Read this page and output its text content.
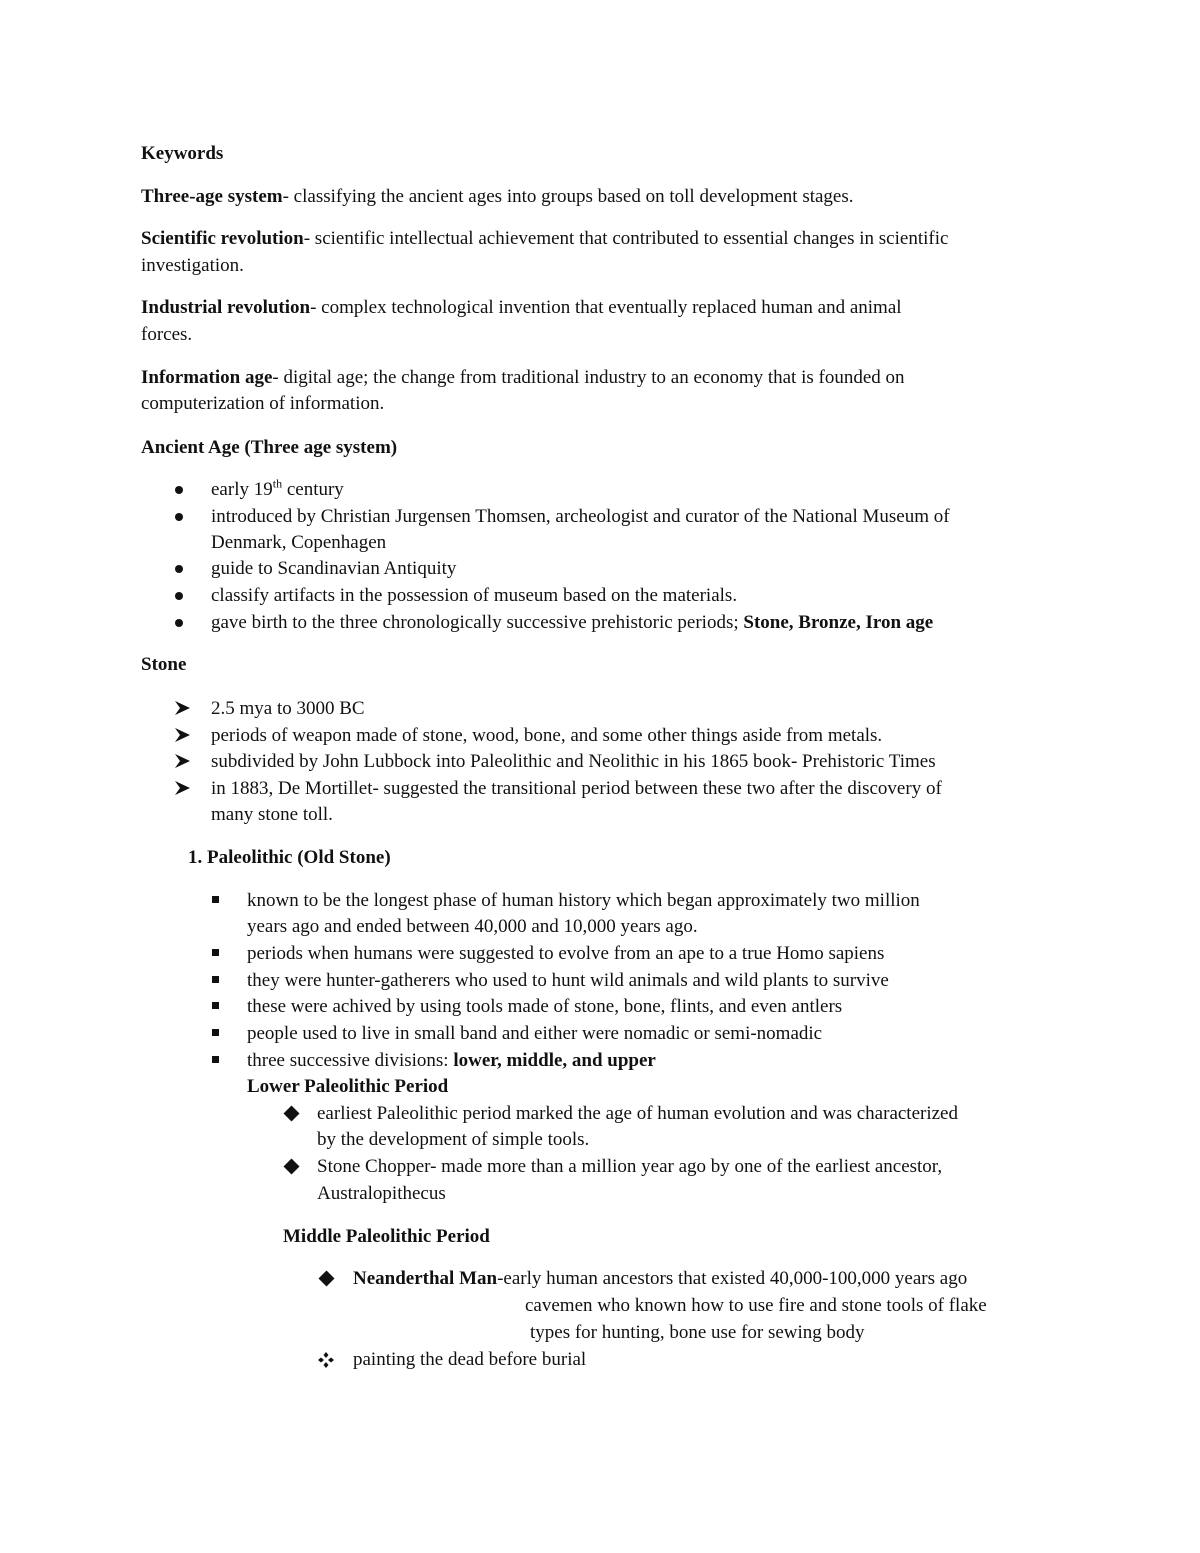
Keywords
Three-age system- classifying the ancient ages into groups based on toll development stages.
Scientific revolution- scientific intellectual achievement that contributed to essential changes in scientific
investigation.
Industrial revolution- complex technological invention that eventually replaced human and animal
forces.
Information age- digital age; the change from traditional industry to an economy that is founded on
computerization of information.
Ancient Age (Three age system)
early 19th century
introduced by Christian Jurgensen Thomsen, archeologist and curator of the National Museum of
Denmark, Copenhagen
guide to Scandinavian Antiquity
classify artifacts in the possession of museum based on the materials.
gave birth to the three chronologically successive prehistoric periods; Stone, Bronze, Iron age
Stone
2.5 mya to 3000 BC
periods of weapon made of stone, wood, bone, and some other things aside from metals.
subdivided by John Lubbock into Paleolithic and Neolithic in his 1865 book- Prehistoric Times
in 1883, De Mortillet- suggested the transitional period between these two after the discovery of
many stone toll.
1. Paleolithic (Old Stone)
known to be the longest phase of human history which began approximately two million
years ago and ended between 40,000 and 10,000 years ago.
periods when humans were suggested to evolve from an ape to a true Homo sapiens
they were hunter-gatherers who used to hunt wild animals and wild plants to survive
these were achived by using tools made of stone, bone, flints, and even antlers
people used to live in small band and either were nomadic or semi-nomadic
three successive divisions: lower, middle, and upper
Lower Paleolithic Period
earliest Paleolithic period marked the age of human evolution and was characterized
by the development of simple tools.
Stone Chopper- made more than a million year ago by one of the earliest ancestor,
Australopithecus
Middle Paleolithic Period
Neanderthal Man-early human ancestors that existed 40,000-100,000 years ago
cavemen who known how to use fire and stone tools of flake
types for hunting, bone use for sewing body
painting the dead before burial
